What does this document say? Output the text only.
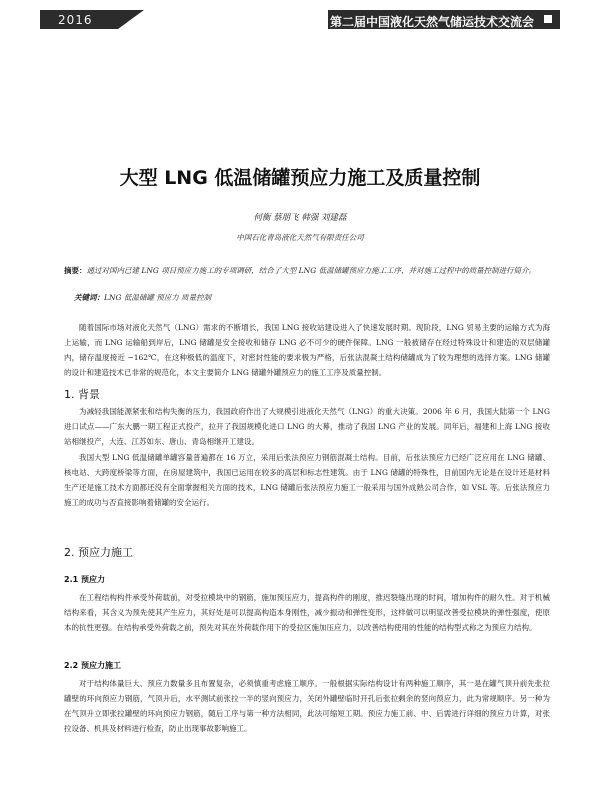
2016	第二届中国液化天然气储运技术交流会
大型 LNG 低温储罐预应力施工及质量控制
何衡 蔡朋飞 韩强 刘建磊
中国石化青岛液化天然气有限责任公司
摘要：通过对国内已建 LNG 项目预应力施工的专项调研，结合了大型 LNG 低温储罐预应力施工工序，并对施工过程中的质量控制进行简介。
关键词：LNG 低温储罐 预应力 质量控制
随着国际市场对液化天然气（LNG）需求的不断增长，我国 LNG 接收站建设进入了快速发展时期。现阶段，LNG 贸易主要的运输方式为海上运输，而 LNG 运输船到岸后，LNG 储罐是安全接收和储存 LNG 必不可少的硬件保障。LNG 一般被储存在经过特殊设计和建造的双层储罐内，储存温度接近 −162℃，在这种极低的温度下，对密封性能的要求极为严格，后张法混凝土结构储罐成为了较为理想的选择方案。LNG 储罐的设计和建造技术已非常的规范化，本文主要简介 LNG 储罐外罐预应力的施工工序及质量控制。
1. 背景
为减轻我国能源紧张和结构失衡的压力，我国政府作出了大规模引进液化天然气（LNG）的重大决策。2006 年 6 月，我国大陆第一个 LNG 进口试点——广东大鹏一期工程正式投产，拉开了我国规模化进口 LNG 的大幕，推动了我国 LNG 产业的发展。同年后，福建和上海 LNG 接收站相继投产，大连、江苏如东、唐山、青岛相继开工建设。
我国大型 LNG 低温储罐单罐容量普遍都在 16 万立，采用后张法预应力钢筋混凝土结构。目前，后张法预应力已经广泛应用在 LNG 储罐、核电站、大跨度桥梁等方面，在房屋建筑中，我国已运用在较多的高层和标志性建筑。由于 LNG 储罐的特殊性，目前国内无论是在设计还是材料生产还是施工技术方面都还没有全面掌握相关方面的技术，LNG 储罐后张法预应力施工一般采用与国外成熟公司合作，如 VSL 等。后张法预应力施工的成功与否直接影响着储罐的安全运行。
2. 预应力施工
2.1 预应力
在工程结构构件承受外荷载前，对受拉模块中的钢筋，施加预压应力，提高构件的刚度，推迟裂缝出现的时间，增加构件的耐久性。对于机械结构来看，其含义为预先使其产生应力，其好处是可以提高构造本身刚性，减少振动和弹性变形，这样做可以明显改善受拉模块的弹性强度，使原本的抗性更强。在结构承受外荷载之前，预先对其在外荷载作用下的受拉区施加压应力，以改善结构使用的性能的结构型式称之为预应力结构。
2.2 预应力施工
对于结构体量巨大、预应力数量多且布置复杂，必须慎重考虑施工顺序。一般根据实际结构设计有两种施工顺序，其一是在罐气顶升前先张拉罐壁的环向预应力钢筋，气顶升后，水平测试前张拉一半的竖向预应力，关闭外罐壁临时开孔后张拉剩余的竖向预应力，此为常规顺序。另一种为在气顶升立即张拉罐壁的环向预应力钢筋，随后工序与第一种方法相同，此法可缩短工期。预应力施工前、中、后需进行详细的预应力计算，对张拉设备、机具及材料进行检查，防止出现事故影响施工。
